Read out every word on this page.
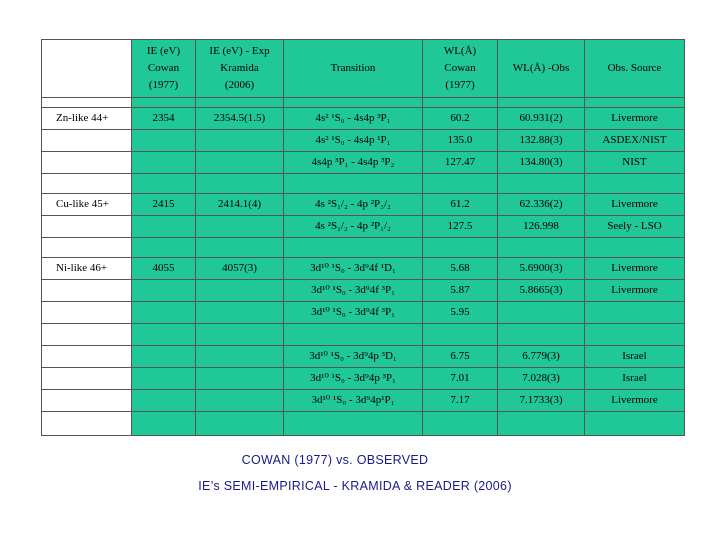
	IE (eV)
Cowan
(1977)	IE (eV) - Exp
Kramida
(2006)	Transition	WL(Å)
Cowan
(1977)	WL(Å) -Obs	Obs. Source

Zn-like 44+	2354	2354.5(1.5)	4s² ¹S₀ - 4s4p ³P₁	60.2	60.931(2)	Livermore
			4s² ¹S₀ - 4s4p ¹P₁	135.0	132.88(3)	ASDEX/NIST
			4s4p ³P₁ - 4s4p ³P₂	127.47	134.80(3)	NIST

Cu-like 45+	2415	2414.1(4)	4s ²S₁/₂ - 4p ²P₃/₂	61.2	62.336(2)	Livermore
			4s ²S₁/₂ - 4p ²P₁/₂	127.5	126.998	Seely - LSO

Ni-like 46+	4055	4057(3)	3d¹⁰ ¹S₀ - 3d⁹4f ¹D₁	5.68	5.6900(3)	Livermore
			3d¹⁰ ¹S₀ - 3d⁹4f ³P₁	5.87	5.8665(3)	Livermore
			3d¹⁰ ¹S₀ - 3d⁹4f ³P₁	5.95		

			3d¹⁰ ¹S₀ - 3d⁹4p ³D₁	6.75	6.779(3)	Israel
			3d¹⁰ ¹S₀ - 3d⁹4p ³P₁	7.01	7.028(3)	Israel
			3d¹⁰ ¹S₀ - 3d⁹4p¹P₁	7.17	7.1733(3)	Livermore

COWAN (1977) vs. OBSERVED
IE’s SEMI-EMPIRICAL - KRAMIDA & READER (2006)
